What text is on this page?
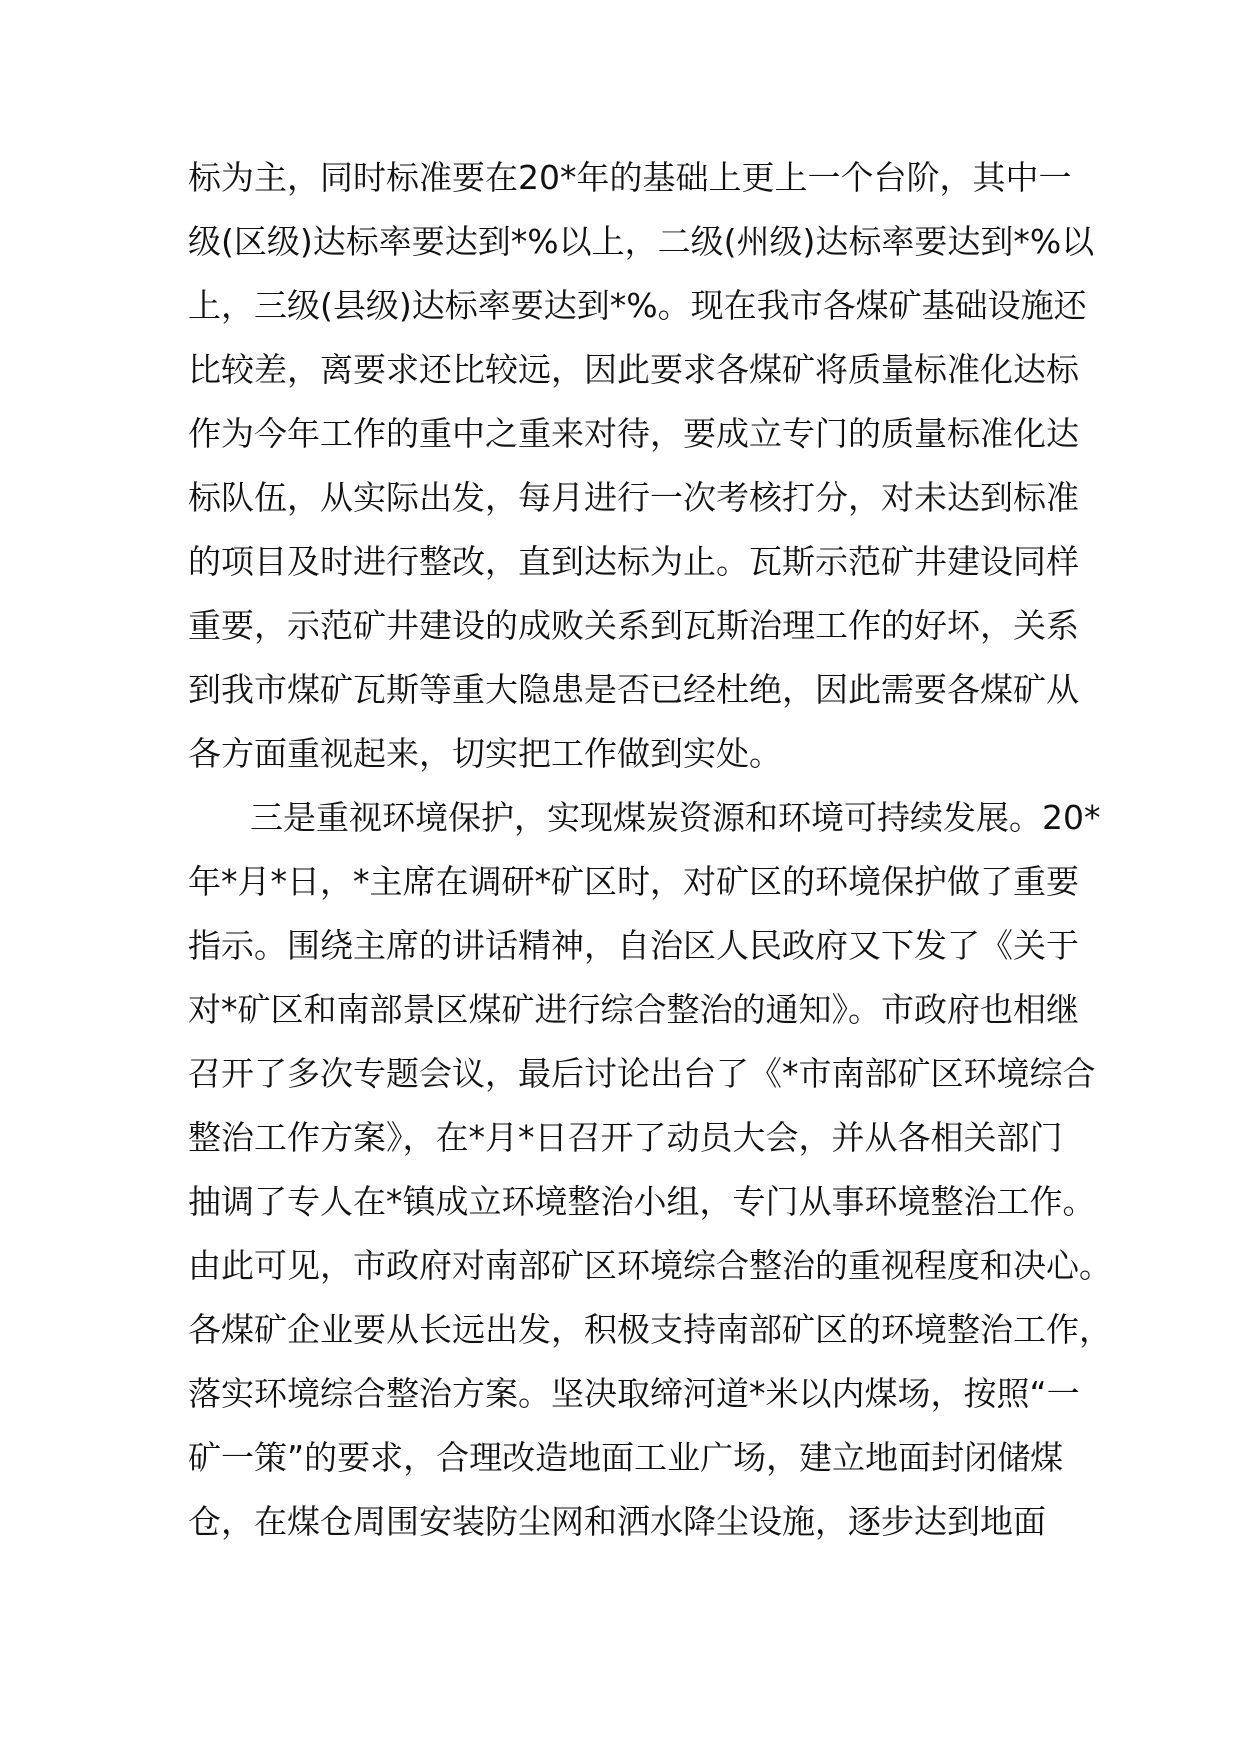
标为主，同时标准要在20*年的基础上更上一个台阶，其中一
级(区级)达标率要达到*%以上，二级(州级)达标率要达到*%以
上，三级(县级)达标率要达到*%。现在我市各煤矿基础设施还
比较差，离要求还比较远，因此要求各煤矿将质量标准化达标
作为今年工作的重中之重来对待，要成立专门的质量标准化达
标队伍，从实际出发，每月进行一次考核打分，对未达到标准
的项目及时进行整改，直到达标为止。瓦斯示范矿井建设同样
重要，示范矿井建设的成败关系到瓦斯治理工作的好坏，关系
到我市煤矿瓦斯等重大隐患是否已经杜绝，因此需要各煤矿从
各方面重视起来，切实把工作做到实处。
三是重视环境保护，实现煤炭资源和环境可持续发展。20*
年*月*日，*主席在调研*矿区时，对矿区的环境保护做了重要
指示。围绕主席的讲话精神，自治区人民政府又下发了《关于
对*矿区和南部景区煤矿进行综合整治的通知》。市政府也相继
召开了多次专题会议，最后讨论出台了《*市南部矿区环境综合
整治工作方案》，在*月*日召开了动员大会，并从各相关部门
抽调了专人在*镇成立环境整治小组，专门从事环境整治工作。
由此可见，市政府对南部矿区环境综合整治的重视程度和决心。
各煤矿企业要从长远出发，积极支持南部矿区的环境整治工作，
落实环境综合整治方案。坚决取缔河道*米以内煤场，按照“一
矿一策”的要求，合理改造地面工业广场，建立地面封闭储煤
仓，在煤仓周围安装防尘网和洒水降尘设施，逐步达到地面
